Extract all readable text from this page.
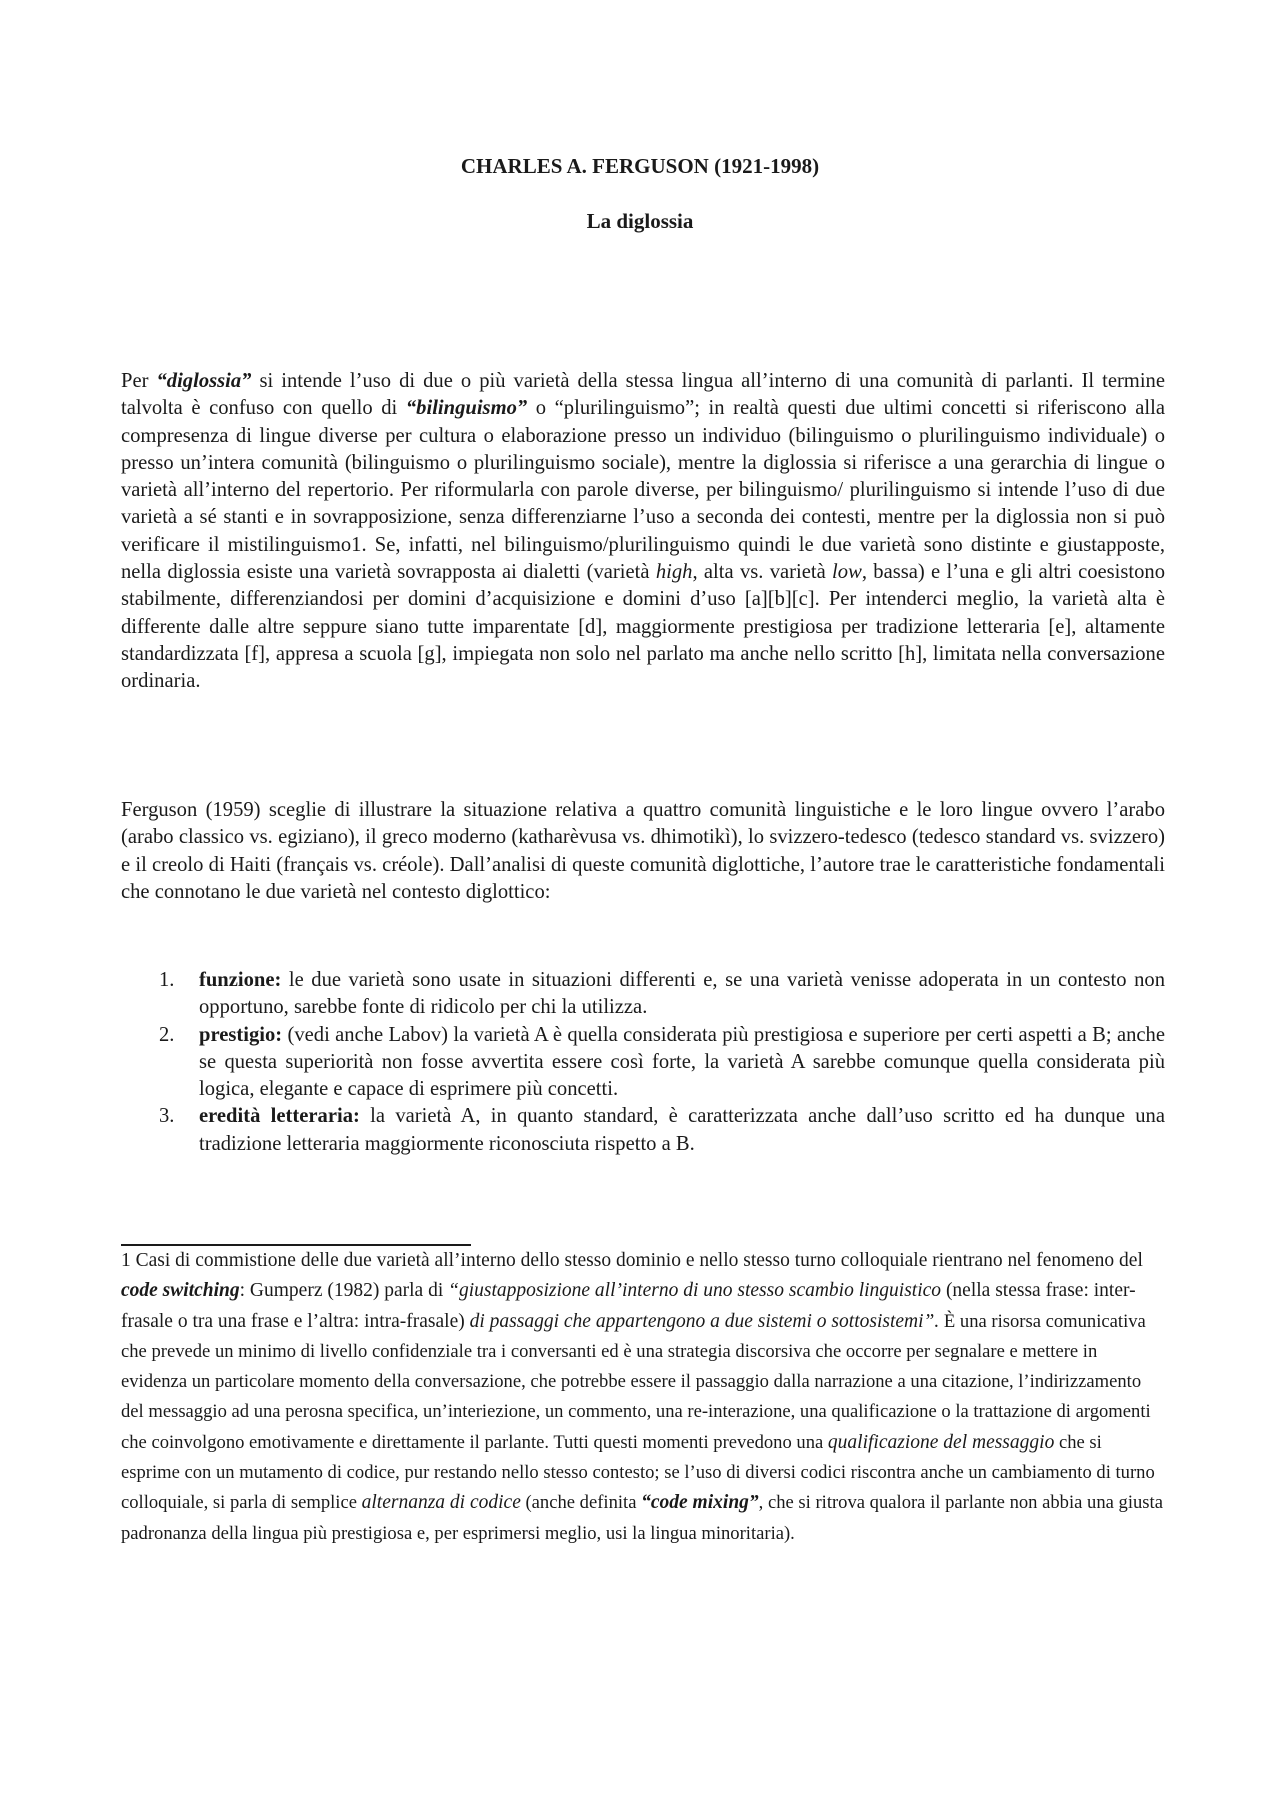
CHARLES A. FERGUSON (1921-1998)
La diglossia

Per “diglossia” si intende l’uso di due o più varietà della stessa lingua all’interno di una comunità di parlanti. Il termine talvolta è confuso con quello di “bilinguismo” o “plurilinguismo”; in realtà questi due ultimi concetti si riferiscono alla compresenza di lingue diverse per cultura o elaborazione presso un individuo (bilinguismo o plurilinguismo individuale) o presso un’intera comunità (bilinguismo o plurilinguismo sociale), mentre la diglossia si riferisce a una gerarchia di lingue o varietà all’interno del repertorio. Per riformularla con parole diverse, per bilinguismo/ plurilinguismo si intende l’uso di due varietà a sé stanti e in sovrapposizione, senza differenziarne l’uso a seconda dei contesti, mentre per la diglossia non si può verificare il mistilinguismo1. Se, infatti, nel bilinguismo/plurilinguismo quindi le due varietà sono distinte e giustapposte, nella diglossia esiste una varietà sovrapposta ai dialetti (varietà high, alta vs. varietà low, bassa) e l’una e gli altri coesistono stabilmente, differenziandosi per domini d’acquisizione e domini d’uso [a][b][c]. Per intenderci meglio, la varietà alta è differente dalle altre seppure siano tutte imparentate [d], maggiormente prestigiosa per tradizione letteraria [e], altamente standardizzata [f], appresa a scuola [g], impiegata non solo nel parlato ma anche nello scritto [h], limitata nella conversazione ordinaria.

Ferguson (1959) sceglie di illustrare la situazione relativa a quattro comunità linguistiche e le loro lingue ovvero l’arabo (arabo classico vs. egiziano), il greco moderno (katharèvusa vs. dhimotikì), lo svizzero-tedesco (tedesco standard vs. svizzero) e il creolo di Haiti (français vs. créole). Dall’analisi di queste comunità diglottiche, l’autore trae le caratteristiche fondamentali che connotano le due varietà nel contesto diglottico:

1. funzione: le due varietà sono usate in situazioni differenti e, se una varietà venisse adoperata in un contesto non opportuno, sarebbe fonte di ridicolo per chi la utilizza.
2. prestigio: (vedi anche Labov) la varietà A è quella considerata più prestigiosa e superiore per certi aspetti a B; anche se questa superiorità non fosse avvertita essere così forte, la varietà A sarebbe comunque quella considerata più logica, elegante e capace di esprimere più concetti.
3. eredità letteraria: la varietà A, in quanto standard, è caratterizzata anche dall’uso scritto ed ha dunque una tradizione letteraria maggiormente riconosciuta rispetto a B.

1 Casi di commistione delle due varietà all’interno dello stesso dominio e nello stesso turno colloquiale rientrano nel fenomeno del code switching: Gumperz (1982) parla di “giustapposizione all’interno di uno stesso scambio linguistico (nella stessa frase: inter-frasale o tra una frase e l’altra: intra-frasale) di passaggi che appartengono a due sistemi o sottosistemi”. È una risorsa comunicativa che prevede un minimo di livello confidenziale tra i conversanti ed è una strategia discorsiva che occorre per segnalare e mettere in evidenza un particolare momento della conversazione, che potrebbe essere il passaggio dalla narrazione a una citazione, l’indirizzamento del messaggio ad una perosna specifica, un’interiezione, un commento, una re-interazione, una qualificazione o la trattazione di argomenti che coinvolgono emotivamente e direttamente il parlante. Tutti questi momenti prevedono una qualificazione del messaggio che si esprime con un mutamento di codice, pur restando nello stesso contesto; se l’uso di diversi codici riscontra anche un cambiamento di turno colloquiale, si parla di semplice alternanza di codice (anche definita “code mixing”, che si ritrova qualora il parlante non abbia una giusta padronanza della lingua più prestigiosa e, per esprimersi meglio, usi la lingua minoritaria).
